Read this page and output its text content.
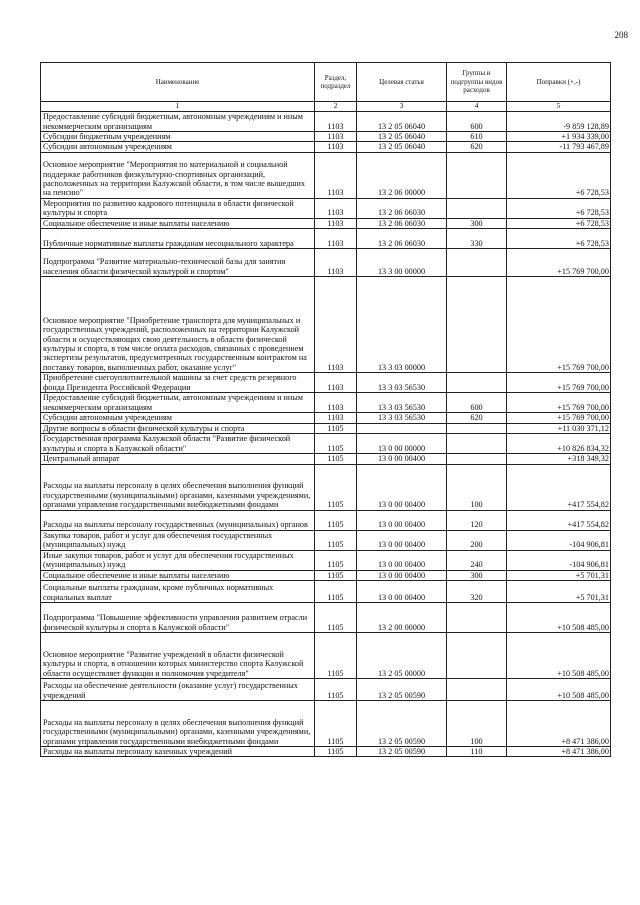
208
Наименование	Раздел, подраздел	Целевая статья	Группы и подгруппы видов расходов	Поправки (+,-)
1	2	3	4	5
Предоставление субсидий бюджетным, автономным учреждениям и иным некоммерческим организациям	1103	13 2 05 06040	600	-9 859 128,89
Субсидии бюджетным учреждениям	1103	13 2 05 06040	610	+1 934 339,00
Субсидии автономным учреждениям	1103	13 2 05 06040	620	-11 793 467,89
Основное мероприятие "Мероприятия по материальной и социальной поддержке работников физкультурно-спортивных организаций, расположенных на территории Калужской области, в том числе вышедших на пенсию"	1103	13 2 06 00000		+6 728,53
Мероприятия по развитию кадрового потенциала в области физической культуры и спорта	1103	13 2 06 06030		+6 728,53
Социальное обеспечение и иные выплаты населению	1103	13 2 06 06030	300	+6 728,53
Публичные нормативные выплаты гражданам несоциального характера	1103	13 2 06 06030	330	+6 728,53
Подпрограмма "Развитие материально-технической базы для занятия населения области физической культурой и спортом"	1103	13 3 00 00000		+15 769 700,00
Основное мероприятие "Приобретение транспорта для муниципальных и государственных учреждений, расположенных на территории Калужской области и осуществляющих свою деятельность в области физической культуры и спорта, в том числе оплата расходов, связанных с проведением экспертизы результатов, предусмотренных государственным контрактом на поставку товаров, выполненных работ, оказание услуг"	1103	13 3 03 00000		+15 769 700,00
Приобретение снегоуплотнительной машины за счет средств резервного фонда Президента Российской Федерации	1103	13 3 03 56530		+15 769 700,00
Предоставление субсидий бюджетным, автономным учреждениям и иным некоммерческим организациям	1103	13 3 03 56530	600	+15 769 700,00
Субсидии автономным учреждениям	1103	13 3 03 56530	620	+15 769 700,00
Другие вопросы в области физической культуры и спорта	1105			+11 030 371,12
Государственная программа Калужской области "Развитие физической культуры и спорта в Калужской области"	1105	13 0 00 00000		+10 826 834,32
Центральный аппарат	1105	13 0 00 00400		+318 349,32
Расходы на выплаты персоналу в целях обеспечения выполнения функций государственными (муниципальными) органами, казенными учреждениями, органами управления государственными внебюджетными фондами	1105	13 0 00 00400	100	+417 554,82
Расходы на выплаты персоналу государственных (муниципальных) органов	1105	13 0 00 00400	120	+417 554,82
Закупка товаров, работ и услуг для обеспечения государственных (муниципальных) нужд	1105	13 0 00 00400	200	-104 906,81
Иные закупки товаров, работ и услуг для обеспечения государственных (муниципальных) нужд	1105	13 0 00 00400	240	-104 906,81
Социальное обеспечение и иные выплаты населению	1105	13 0 00 00400	300	+5 701,31
Социальные выплаты гражданам, кроме публичных нормативных социальных выплат	1105	13 0 00 00400	320	+5 701,31
Подпрограмма "Повышение эффективности управления развитием отрасли физической культуры и спорта в Калужской области"	1105	13 2 00 00000		+10 508 485,00
Основное мероприятие "Развитие учреждений в области физической культуры и спорта, в отношении которых министерство спорта Калужской области осуществляет функции и полномочия учредителя"	1105	13 2 05 00000		+10 508 485,00
Расходы на обеспечение деятельности (оказание услуг) государственных учреждений	1105	13 2 05 00590		+10 508 485,00
Расходы на выплаты персоналу в целях обеспечения выполнения функций государственными (муниципальными) органами, казенными учреждениями, органами управления государственными внебюджетными фондами	1105	13 2 05 00590	100	+8 471 386,00
Расходы на выплаты персоналу казенных учреждений	1105	13 2 05 00590	110	+8 471 386,00
